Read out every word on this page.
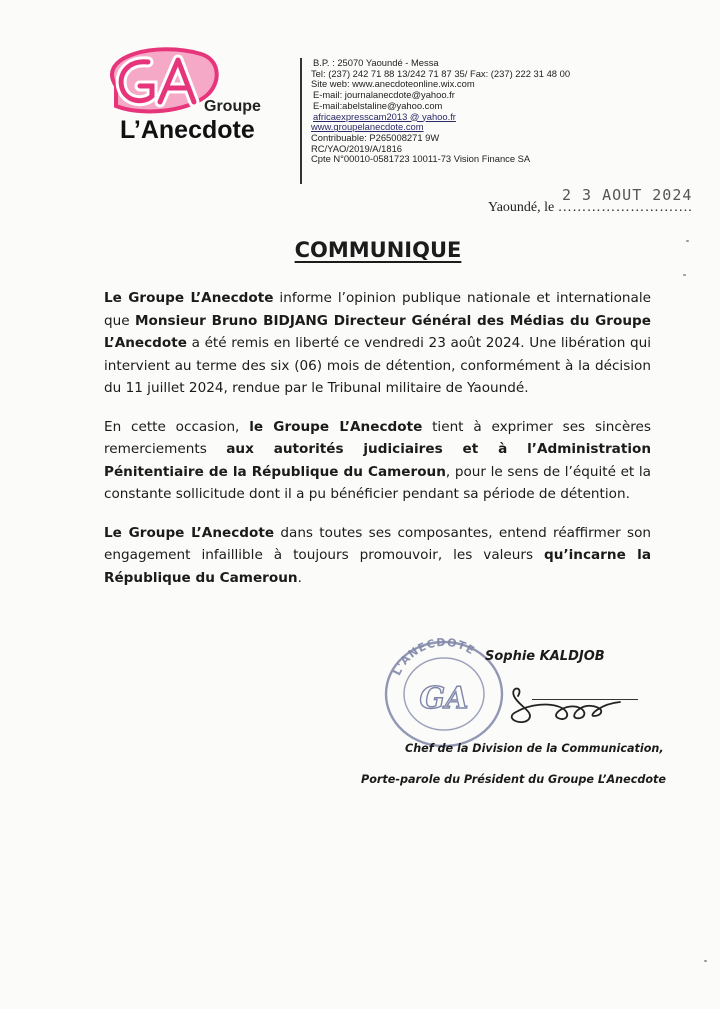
Groupe
L’Anecdote
B.P. : 25070 Yaoundé - Messa
Tel: (237) 242 71 88 13/242 71 87 35/ Fax: (237) 222 31 48 00
Site web: www.anecdoteonline.wix.com
E-mail: journalanecdote@yahoo.fr
E-mail:abelstaline@yahoo.com
africaexpresscam2013 @ yahoo.fr
www.groupelanecdote.com
Contribuable: P265008271 9W
RC/YAO/2019/A/1816
Cpte N°00010-0581723 10011-73 Vision Finance SA
2 3 AOUT 2024
Yaoundé, le ……………………….
COMMUNIQUE

Le Groupe L’Anecdote informe l’opinion publique nationale et internationale que Monsieur Bruno BIDJANG Directeur Général des Médias du Groupe L’Anecdote a été remis en liberté ce vendredi 23 août 2024. Une libération qui intervient au terme des six (06) mois de détention, conformément à la décision du 11 juillet 2024, rendue par le Tribunal militaire de Yaoundé.

En cette occasion, le Groupe L’Anecdote tient à exprimer ses sincères remerciements aux autorités judiciaires et à l’Administration Pénitentiaire de la République du Cameroun, pour le sens de l’équité et la constante sollicitude dont il a pu bénéficier pendant sa période de détention.

Le Groupe L’Anecdote dans toutes ses composantes, entend réaffirmer son engagement infaillible à toujours promouvoir, les valeurs qu’incarne la République du Cameroun.

L'ANECDOTE
GA
Sophie KALDJOB
Chef de la Division de la Communication,
Porte-parole du Président du Groupe L’Anecdote
